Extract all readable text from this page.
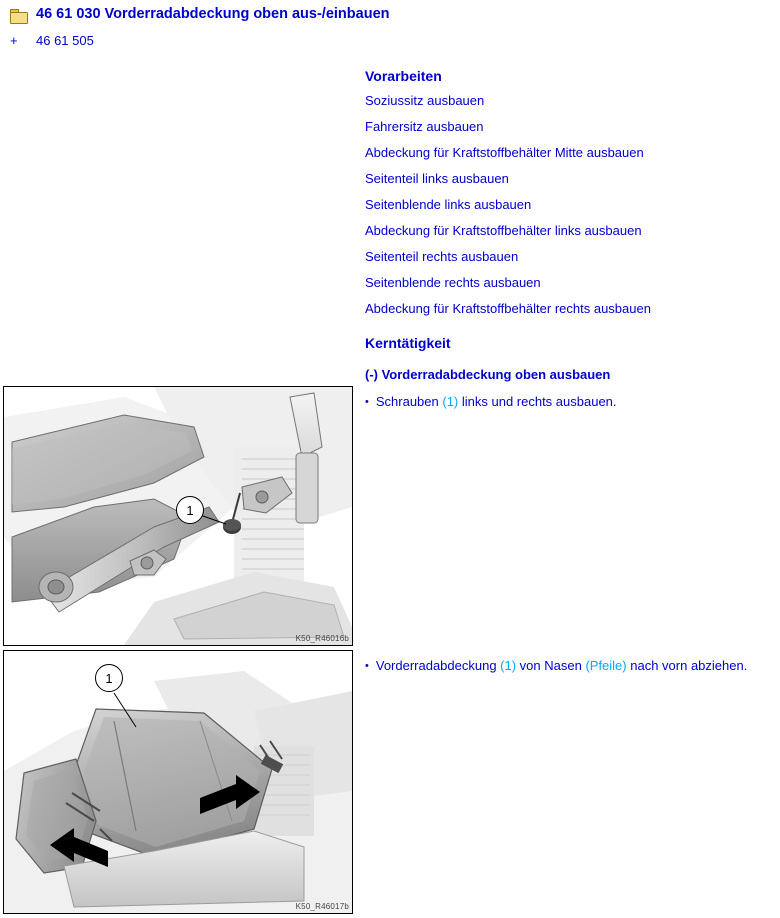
46 61 030 Vorderradabdeckung oben aus-/einbauen
+	46 61 505
Vorarbeiten
Soziussitz ausbauen
Fahrersitz ausbauen
Abdeckung für Kraftstoffbehälter Mitte ausbauen
Seitenteil links ausbauen
Seitenblende links ausbauen
Abdeckung für Kraftstoffbehälter links ausbauen
Seitenteil rechts ausbauen
Seitenblende rechts ausbauen
Abdeckung für Kraftstoffbehälter rechts ausbauen
Kerntätigkeit
(-) Vorderradabdeckung oben ausbauen
• Schrauben (1) links und rechts ausbauen.
• Vorderradabdeckung (1) von Nasen (Pfeile) nach vorn abziehen.
1
K50_R46016b
1
K50_R46017b
